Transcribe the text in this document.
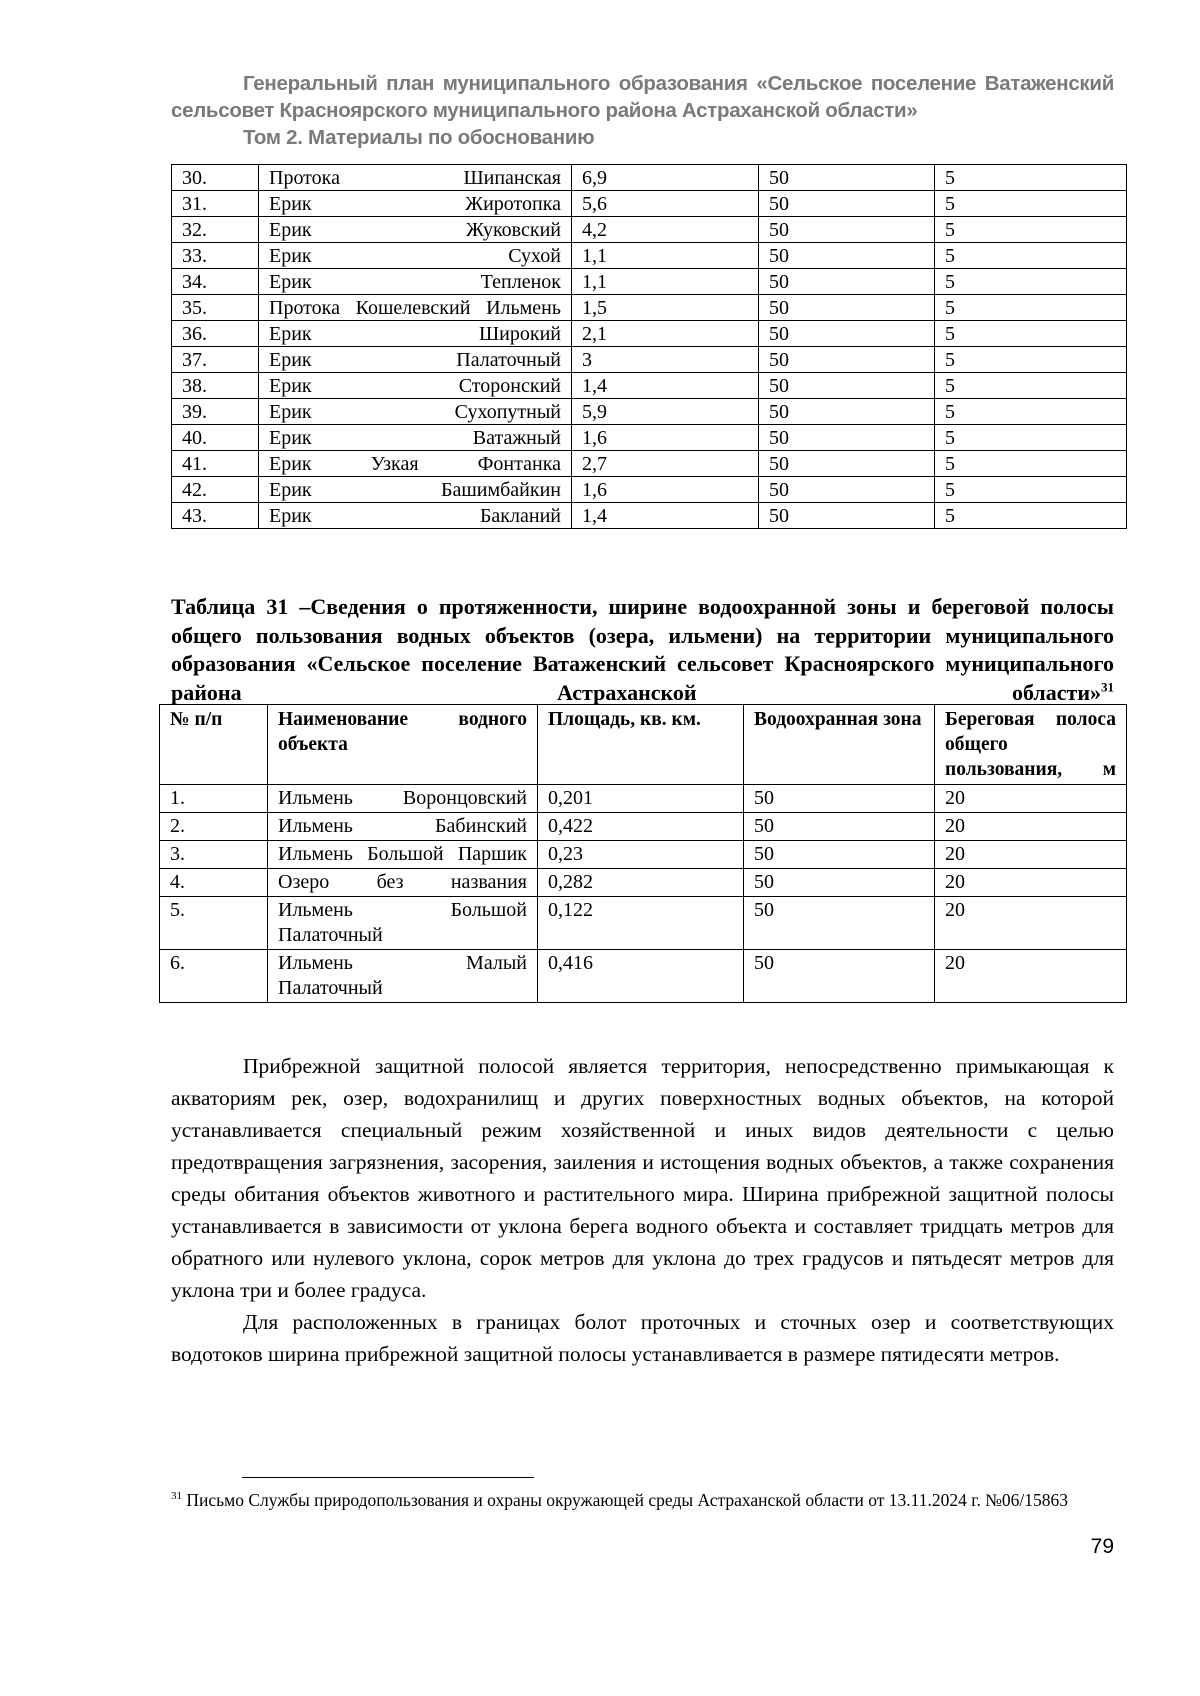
Генеральный план муниципального образования «Сельское поселение Ватаженский
сельсовет Красноярского муниципального района Астраханской области»
Том 2. Материалы по обоснованию
30.	Протока Шипанская	6,9	50	5
31.	Ерик Жиротопка	5,6	50	5
32.	Ерик Жуковский	4,2	50	5
33.	Ерик Сухой	1,1	50	5
34.	Ерик Тепленок	1,1	50	5
35.	Протока Кошелевский Ильмень	1,5	50	5
36.	Ерик Широкий	2,1	50	5
37.	Ерик Палаточный	3	50	5
38.	Ерик Сторонский	1,4	50	5
39.	Ерик Сухопутный	5,9	50	5
40.	Ерик Ватажный	1,6	50	5
41.	Ерик Узкая Фонтанка	2,7	50	5
42.	Ерик Башимбайкин	1,6	50	5
43.	Ерик Бакланий	1,4	50	5
Таблица 31 –Сведения о протяженности, ширине водоохранной зоны и береговой полосы общего пользования водных объектов (озера, ильмени) на территории муниципального образования «Сельское поселение Ватаженский сельсовет Красноярского муниципального района Астраханской области»$^{31}$
№ п/п	Наименование водного объекта	Площадь, кв. км.	Водоохранная зона	Береговая полоса общего пользования, м
1.	Ильмень Воронцовский	0,201	50	20
2.	Ильмень Бабинский	0,422	50	20
3.	Ильмень Большой Паршик	0,23	50	20
4.	Озеро без названия	0,282	50	20
5.	Ильмень Большой Палаточный	0,122	50	20
6.	Ильмень Малый Палаточный	0,416	50	20

Прибрежной защитной полосой является территория, непосредственно примыкающая к акваториям рек, озер, водохранилищ и других поверхностных водных объектов, на которой устанавливается специальный режим хозяйственной и иных видов деятельности с целью предотвращения загрязнения, засорения, заиления и истощения водных объектов, а также сохранения среды обитания объектов животного и растительного мира. Ширина прибрежной защитной полосы устанавливается в зависимости от уклона берега водного объекта и составляет тридцать метров для обратного или нулевого уклона, сорок метров для уклона до трех градусов и пятьдесят метров для уклона три и более градуса.

Для расположенных в границах болот проточных и сточных озер и соответствующих водотоков ширина прибрежной защитной полосы устанавливается в размере пятидесяти метров.

$^{31}$ Письмо Службы природопользования и охраны окружающей среды Астраханской области от 13.11.2024 г. №06/15863
79
